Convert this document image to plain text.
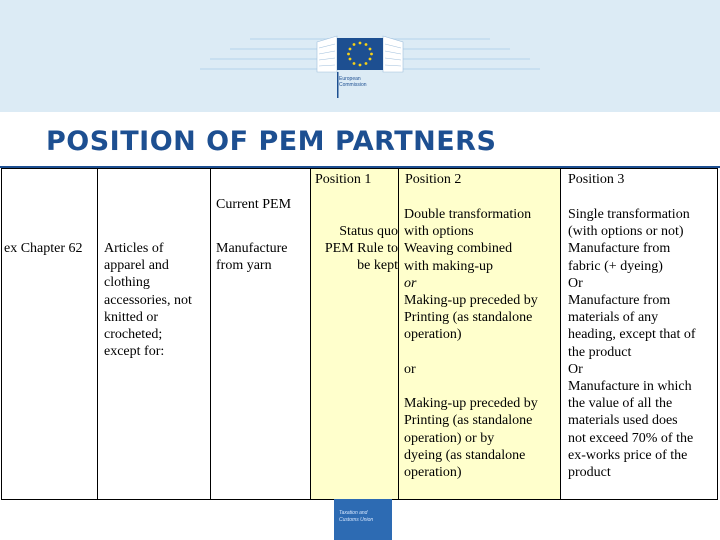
European
Commission
POSITION OF PEM PARTNERS
Position 1 Position 2	Position 3
Current PEM
ex Chapter 62 Articles of
apparel and
clothing
accessories, not
knitted or
crocheted;
except for:
Manufacture
from yarn
Status quo
PEM Rule to
be kept
Double transformation
with options
Weaving combined
with making-up
or
Making-up preceded by
Printing (as standalone
operation)

or

Making-up preceded by
Printing (as standalone
operation) or by
dyeing (as standalone
operation)
Single transformation
(with options or not)
Manufacture from
fabric (+ dyeing)
Or
Manufacture from
materials of any
heading, except that of
the product
Or
Manufacture in which
the value of all the
materials used does
not exceed 70% of the
ex-works price of the
product
Taxation and
Customs Union
